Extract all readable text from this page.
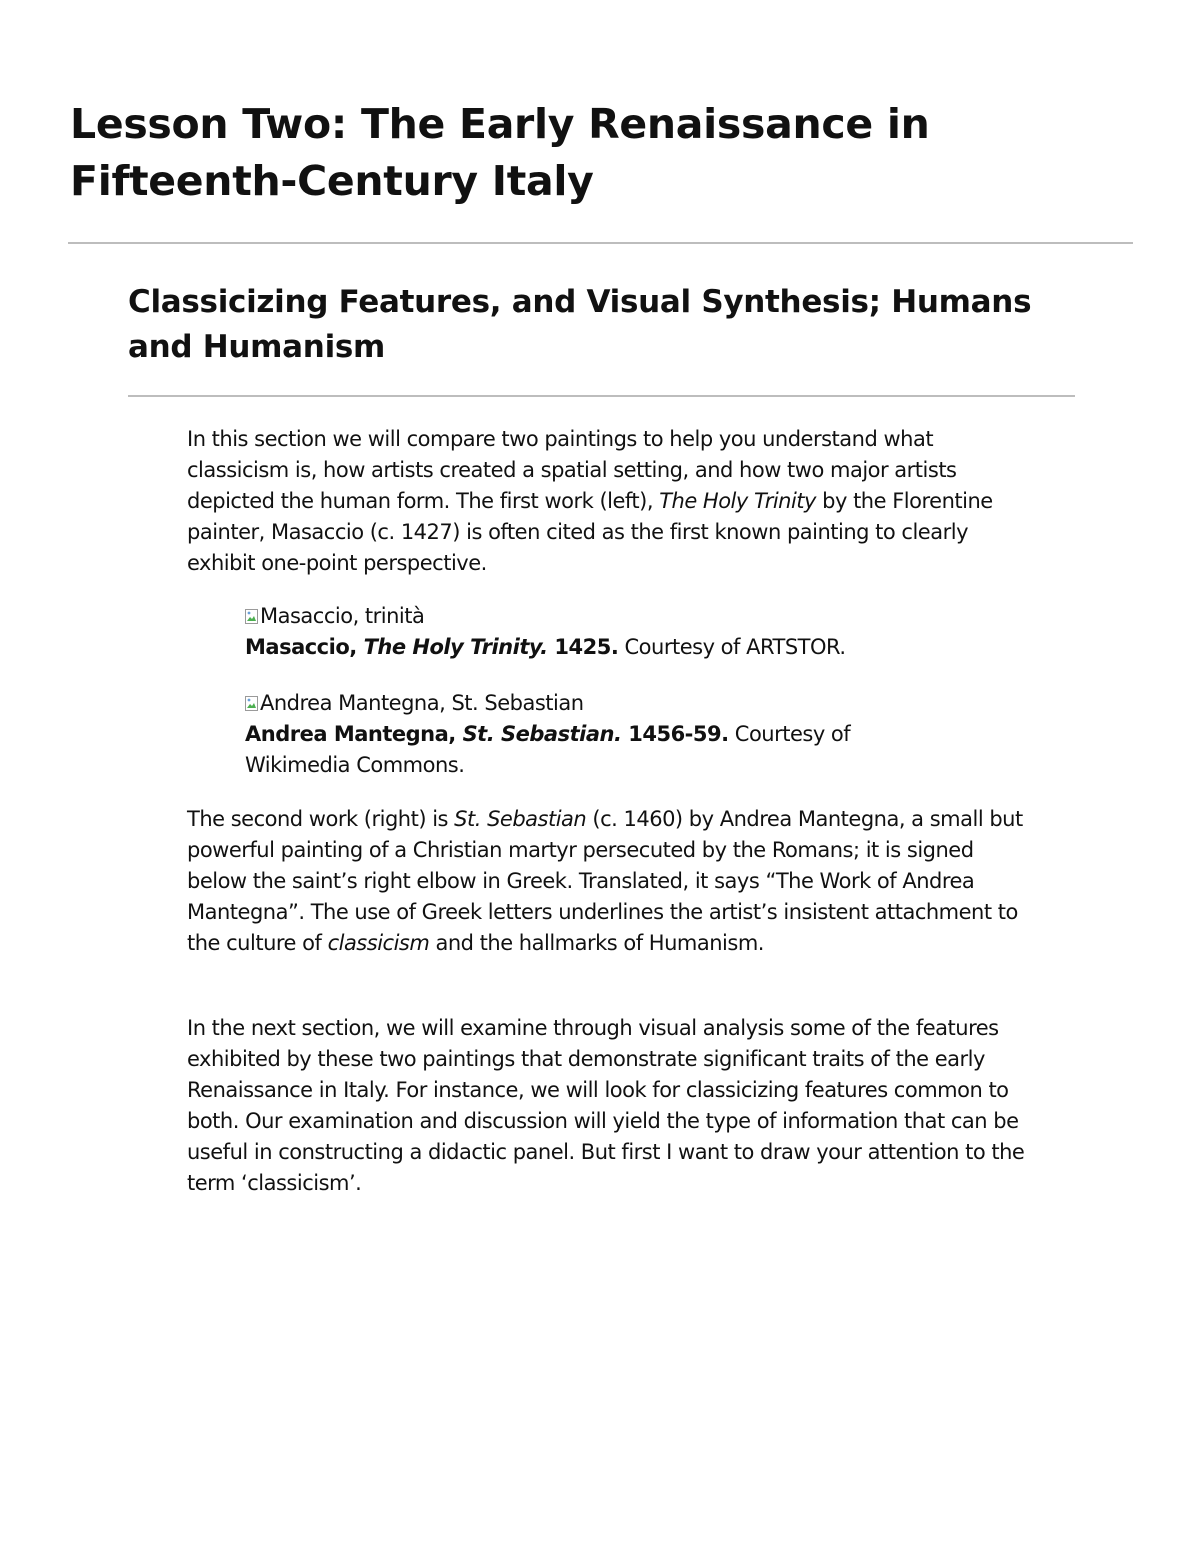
Lesson Two: The Early Renaissance in Fifteenth-Century Italy
Classicizing Features, and Visual Synthesis; Humans and Humanism

In this section we will compare two paintings to help you understand what classicism is, how artists created a spatial setting, and how two major artists depicted the human form. The first work (left), The Holy Trinity by the Florentine painter, Masaccio (c. 1427) is often cited as the first known painting to clearly exhibit one-point perspective.

Masaccio, trinità
Masaccio, The Holy Trinity. 1425. Courtesy of ARTSTOR.
Andrea Mantegna, St. Sebastian
Andrea Mantegna, St. Sebastian. 1456-59. Courtesy of Wikimedia Commons.

The second work (right) is St. Sebastian (c. 1460) by Andrea Mantegna, a small but powerful painting of a Christian martyr persecuted by the Romans; it is signed below the saint’s right elbow in Greek. Translated, it says “The Work of Andrea Mantegna”. The use of Greek letters underlines the artist’s insistent attachment to the culture of classicism and the hallmarks of Humanism.

In the next section, we will examine through visual analysis some of the features exhibited by these two paintings that demonstrate significant traits of the early Renaissance in Italy. For instance, we will look for classicizing features common to both. Our examination and discussion will yield the type of information that can be useful in constructing a didactic panel. But first I want to draw your attention to the term ‘classicism’.
